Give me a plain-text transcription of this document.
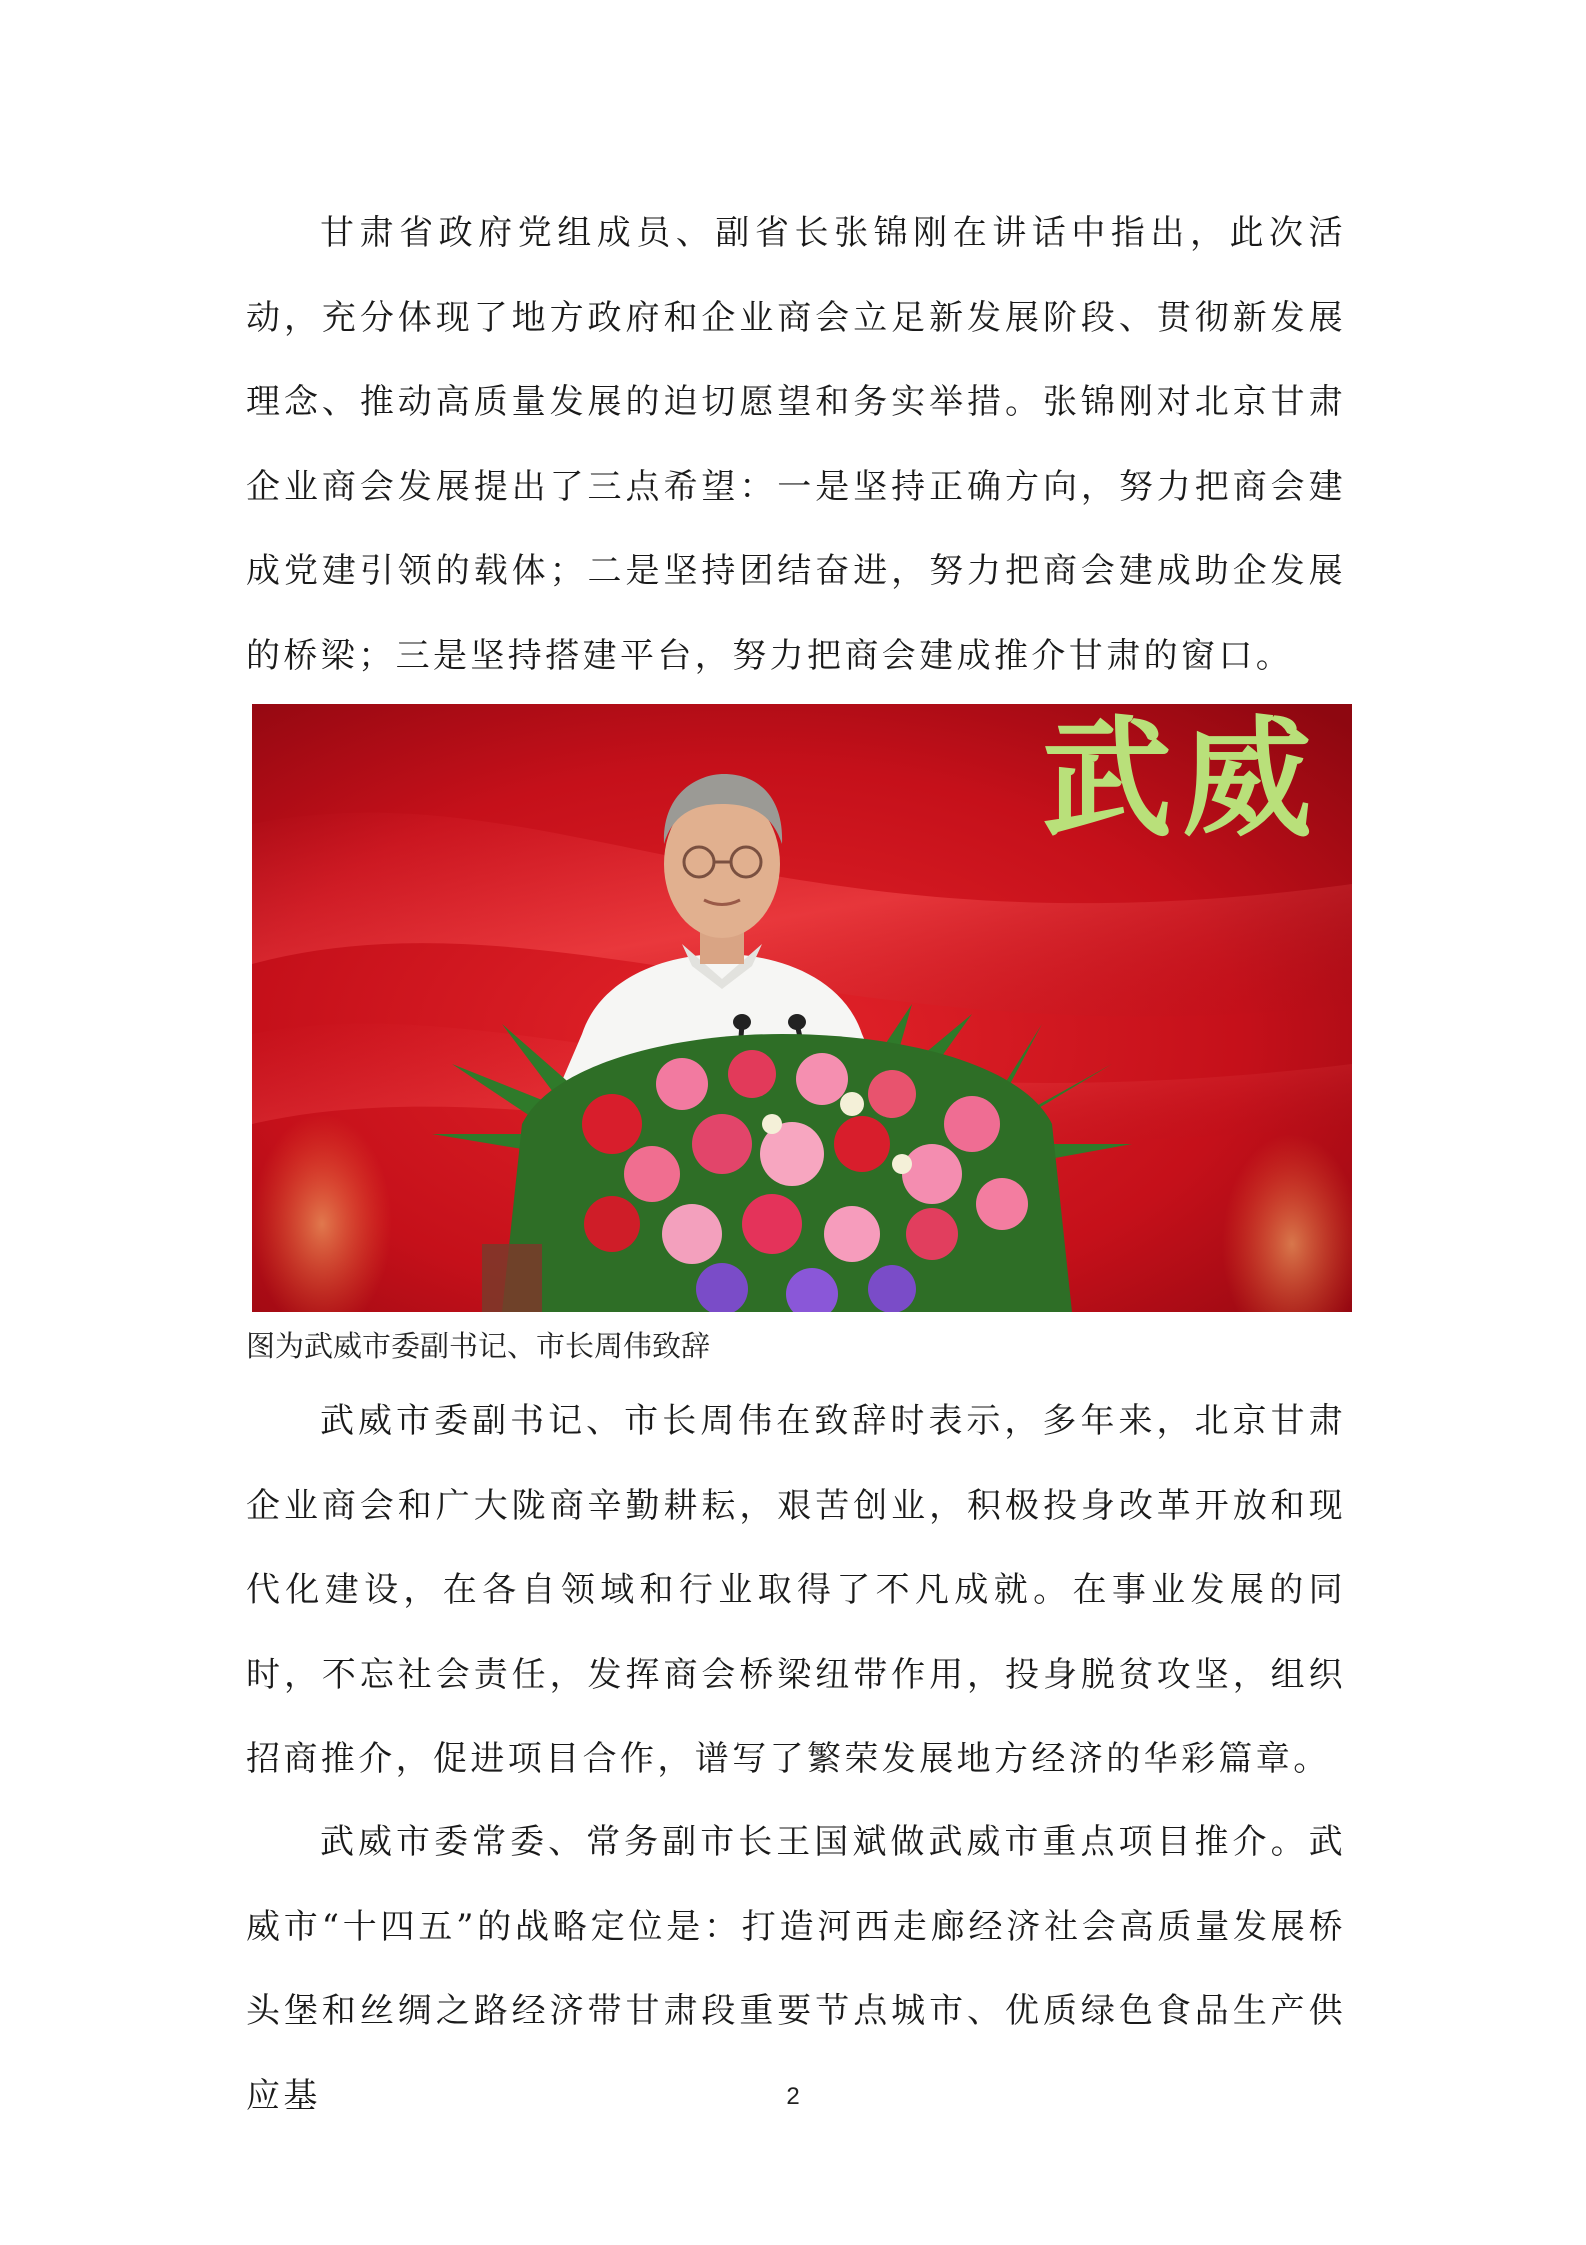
甘肃省政府党组成员、副省长张锦刚在讲话中指出，此次活动，充分体现了地方政府和企业商会立足新发展阶段、贯彻新发展理念、推动高质量发展的迫切愿望和务实举措。张锦刚对北京甘肃企业商会发展提出了三点希望：一是坚持正确方向，努力把商会建成党建引领的载体；二是坚持团结奋进，努力把商会建成助企发展的桥梁；三是坚持搭建平台，努力把商会建成推介甘肃的窗口。

武威

图为武威市委副书记、市长周伟致辞

武威市委副书记、市长周伟在致辞时表示，多年来，北京甘肃企业商会和广大陇商辛勤耕耘，艰苦创业，积极投身改革开放和现代化建设，在各自领域和行业取得了不凡成就。在事业发展的同时，不忘社会责任，发挥商会桥梁纽带作用，投身脱贫攻坚，组织招商推介，促进项目合作，谱写了繁荣发展地方经济的华彩篇章。

武威市委常委、常务副市长王国斌做武威市重点项目推介。武威市“十四五”的战略定位是：打造河西走廊经济社会高质量发展桥头堡和丝绸之路经济带甘肃段重要节点城市、优质绿色食品生产供应基	2
